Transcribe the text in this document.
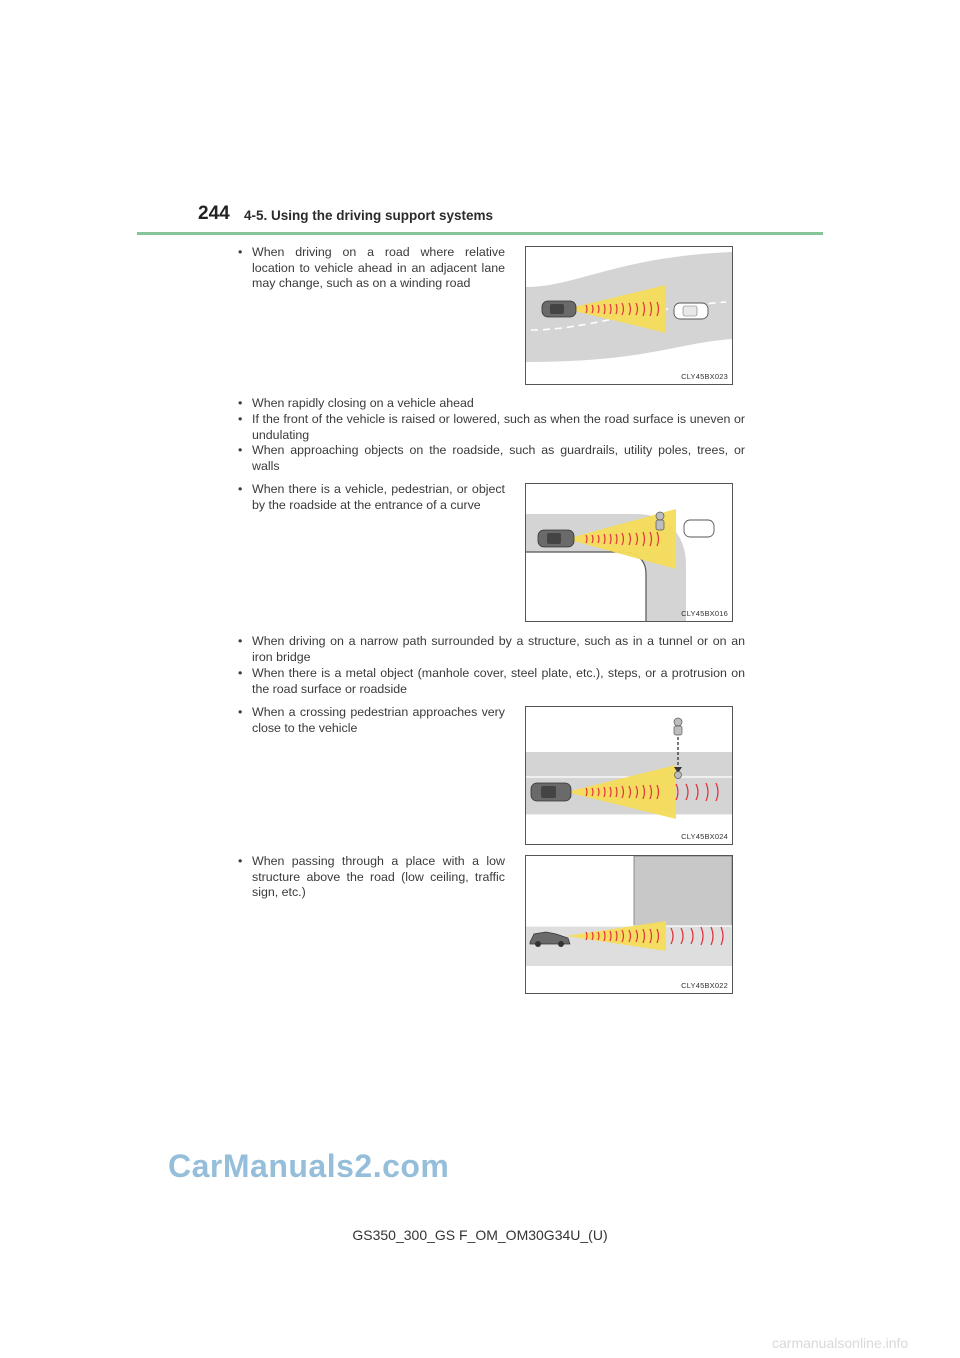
244 4-5. Using the driving support systems
• When driving on a road where relative location to vehicle ahead in an adjacent lane may change, such as on a winding road
CLY45BX023
• When rapidly closing on a vehicle ahead
• If the front of the vehicle is raised or lowered, such as when the road surface is uneven or undulating
• When approaching objects on the roadside, such as guardrails, utility poles, trees, or walls
• When there is a vehicle, pedestrian, or object by the roadside at the entrance of a curve
CLY45BX016
• When driving on a narrow path surrounded by a structure, such as in a tunnel or on an iron bridge
• When there is a metal object (manhole cover, steel plate, etc.), steps, or a protrusion on the road surface or roadside
• When a crossing pedestrian approaches very close to the vehicle
CLY45BX024
• When passing through a place with a low structure above the road (low ceiling, traffic sign, etc.)
CLY45BX022
CarManuals2.com
GS350_300_GS F_OM_OM30G34U_(U)
carmanualsonline.info
